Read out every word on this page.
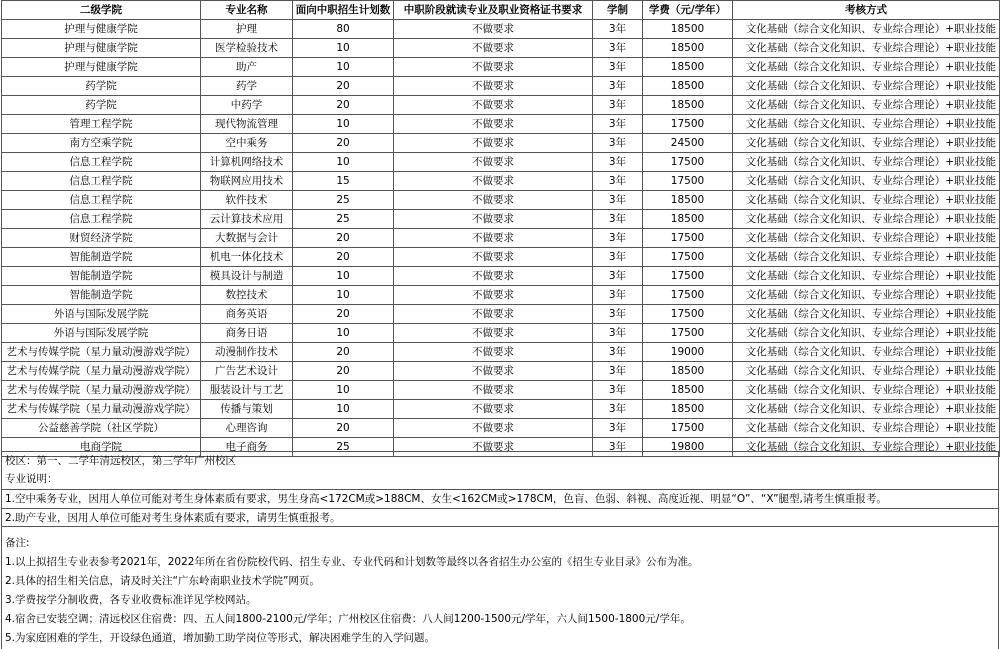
二级学院	专业名称	面向中职招生计划数	中职阶段就读专业及职业资格证书要求	学制	学费（元/学年）	考核方式
护理与健康学院	护理	80	不做要求	3年	18500	文化基础（综合文化知识、专业综合理论）+职业技能
护理与健康学院	医学检验技术	10	不做要求	3年	18500	文化基础（综合文化知识、专业综合理论）+职业技能
护理与健康学院	助产	10	不做要求	3年	18500	文化基础（综合文化知识、专业综合理论）+职业技能
药学院	药学	20	不做要求	3年	18500	文化基础（综合文化知识、专业综合理论）+职业技能
药学院	中药学	20	不做要求	3年	18500	文化基础（综合文化知识、专业综合理论）+职业技能
管理工程学院	现代物流管理	10	不做要求	3年	17500	文化基础（综合文化知识、专业综合理论）+职业技能
南方空乘学院	空中乘务	20	不做要求	3年	24500	文化基础（综合文化知识、专业综合理论）+职业技能
信息工程学院	计算机网络技术	10	不做要求	3年	17500	文化基础（综合文化知识、专业综合理论）+职业技能
信息工程学院	物联网应用技术	15	不做要求	3年	17500	文化基础（综合文化知识、专业综合理论）+职业技能
信息工程学院	软件技术	25	不做要求	3年	18500	文化基础（综合文化知识、专业综合理论）+职业技能
信息工程学院	云计算技术应用	25	不做要求	3年	18500	文化基础（综合文化知识、专业综合理论）+职业技能
财贸经济学院	大数据与会计	20	不做要求	3年	17500	文化基础（综合文化知识、专业综合理论）+职业技能
智能制造学院	机电一体化技术	20	不做要求	3年	17500	文化基础（综合文化知识、专业综合理论）+职业技能
智能制造学院	模具设计与制造	10	不做要求	3年	17500	文化基础（综合文化知识、专业综合理论）+职业技能
智能制造学院	数控技术	10	不做要求	3年	17500	文化基础（综合文化知识、专业综合理论）+职业技能
外语与国际发展学院	商务英语	20	不做要求	3年	17500	文化基础（综合文化知识、专业综合理论）+职业技能
外语与国际发展学院	商务日语	10	不做要求	3年	17500	文化基础（综合文化知识、专业综合理论）+职业技能
艺术与传媒学院（星力量动漫游戏学院）	动漫制作技术	20	不做要求	3年	19000	文化基础（综合文化知识、专业综合理论）+职业技能
艺术与传媒学院（星力量动漫游戏学院）	广告艺术设计	20	不做要求	3年	18500	文化基础（综合文化知识、专业综合理论）+职业技能
艺术与传媒学院（星力量动漫游戏学院）	服装设计与工艺	10	不做要求	3年	18500	文化基础（综合文化知识、专业综合理论）+职业技能
艺术与传媒学院（星力量动漫游戏学院）	传播与策划	10	不做要求	3年	18500	文化基础（综合文化知识、专业综合理论）+职业技能
公益慈善学院（社区学院）	心理咨询	20	不做要求	3年	17500	文化基础（综合文化知识、专业综合理论）+职业技能
电商学院	电子商务	25	不做要求	3年	19800	文化基础（综合文化知识、专业综合理论）+职业技能
校区：第一、二学年清远校区，第三学年广州校区
专业说明：
1.空中乘务专业，因用人单位可能对考生身体素质有要求，男生身高<172CM或>188CM、女生<162CM或>178CM，色盲、色弱、斜视、高度近视、明显“O”、“X”腿型,请考生慎重报考。
2.助产专业，因用人单位可能对考生身体素质有要求，请男生慎重报考。
备注:
1.以上拟招生专业表参考2021年，2022年所在省份院校代码、招生专业、专业代码和计划数等最终以各省招生办公室的《招生专业目录》公布为准。
2.具体的招生相关信息，请及时关注“广东岭南职业技术学院”网页。
3.学费按学分制收费，各专业收费标准详见学校网站。
4.宿舍已安装空调；清远校区住宿费：四、五人间1800-2100元/学年；广州校区住宿费：八人间1200-1500元/学年，六人间1500-1800元/学年。
5.为家庭困难的学生，开设绿色通道，增加勤工助学岗位等形式，解决困难学生的入学问题。
